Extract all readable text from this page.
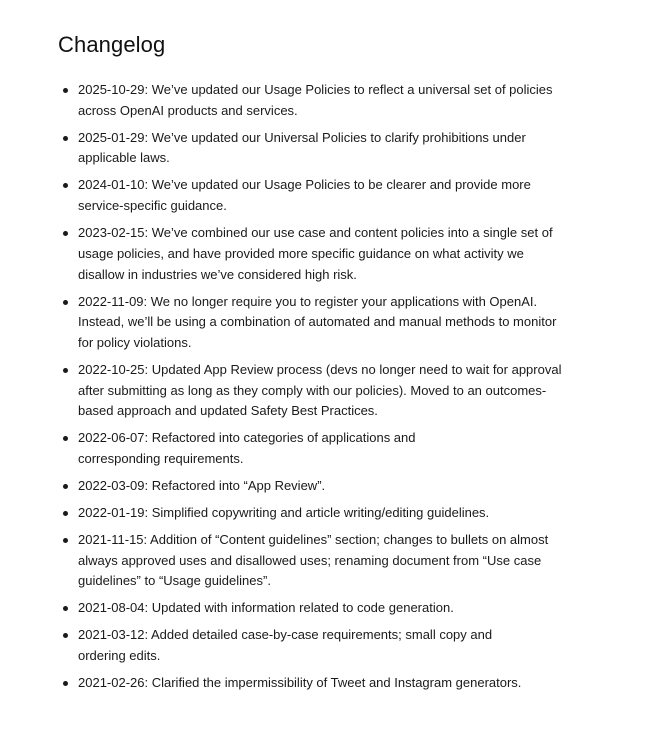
Changelog
2025-10-29: We’ve updated our Usage Policies to reflect a universal set of policies across OpenAI products and services.
2025-01-29: We’ve updated our Universal Policies to clarify prohibitions under applicable laws.
2024-01-10: We’ve updated our Usage Policies to be clearer and provide more service-specific guidance.
2023-02-15: We’ve combined our use case and content policies into a single set of usage policies, and have provided more specific guidance on what activity we disallow in industries we’ve considered high risk.
2022-11-09: We no longer require you to register your applications with OpenAI. Instead, we’ll be using a combination of automated and manual methods to monitor for policy violations.
2022-10-25: Updated App Review process (devs no longer need to wait for approval after submitting as long as they comply with our policies). Moved to an outcomes-based approach and updated Safety Best Practices.
2022-06-07: Refactored into categories of applications and corresponding requirements.
2022-03-09: Refactored into “App Review”.
2022-01-19: Simplified copywriting and article writing/editing guidelines.
2021-11-15: Addition of “Content guidelines” section; changes to bullets on almost always approved uses and disallowed uses; renaming document from “Use case guidelines” to “Usage guidelines”.
2021-08-04: Updated with information related to code generation.
2021-03-12: Added detailed case-by-case requirements; small copy and ordering edits.
2021-02-26: Clarified the impermissibility of Tweet and Instagram generators.
